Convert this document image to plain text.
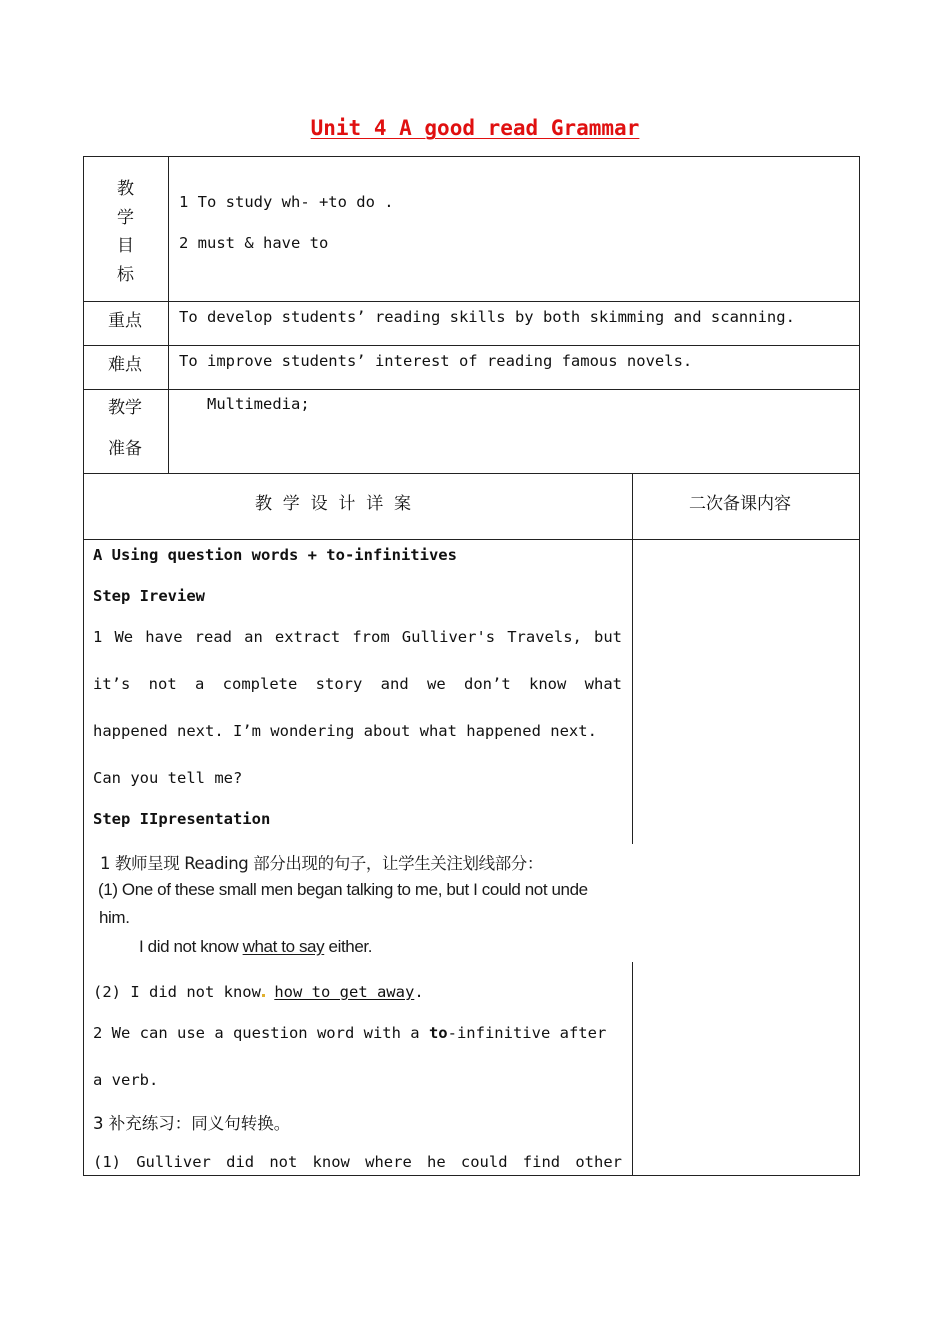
Unit 4 A good read Grammar
教
学
目
标
1 To study wh- +to do .
2 must & have to
重点 To develop students’ reading skills by both skimming and scanning.
难点 To improve students’ interest of reading famous novels.
教学
准备
Multimedia;
教  学  设  计  详  案	二次备课内容
A Using question words + to-infinitives
Step Ireview
1 We have read an extract from Gulliver's Travels, but
it’s not a complete story and we don’t know what
happened next. I’m wondering about what happened next.
Can you tell me?
Step IIpresentation
1 教师呈现 Reading 部分出现的句子，让学生关注划线部分：
(1) One of these small men began talking to me, but I could not unde
him.
I did not know what to say either.
(2) I did not know how to get away.
2 We can use a question word with a to-infinitive after
a verb.
3 补充练习：同义句转换。
(1) Gulliver did not know where he could find other
